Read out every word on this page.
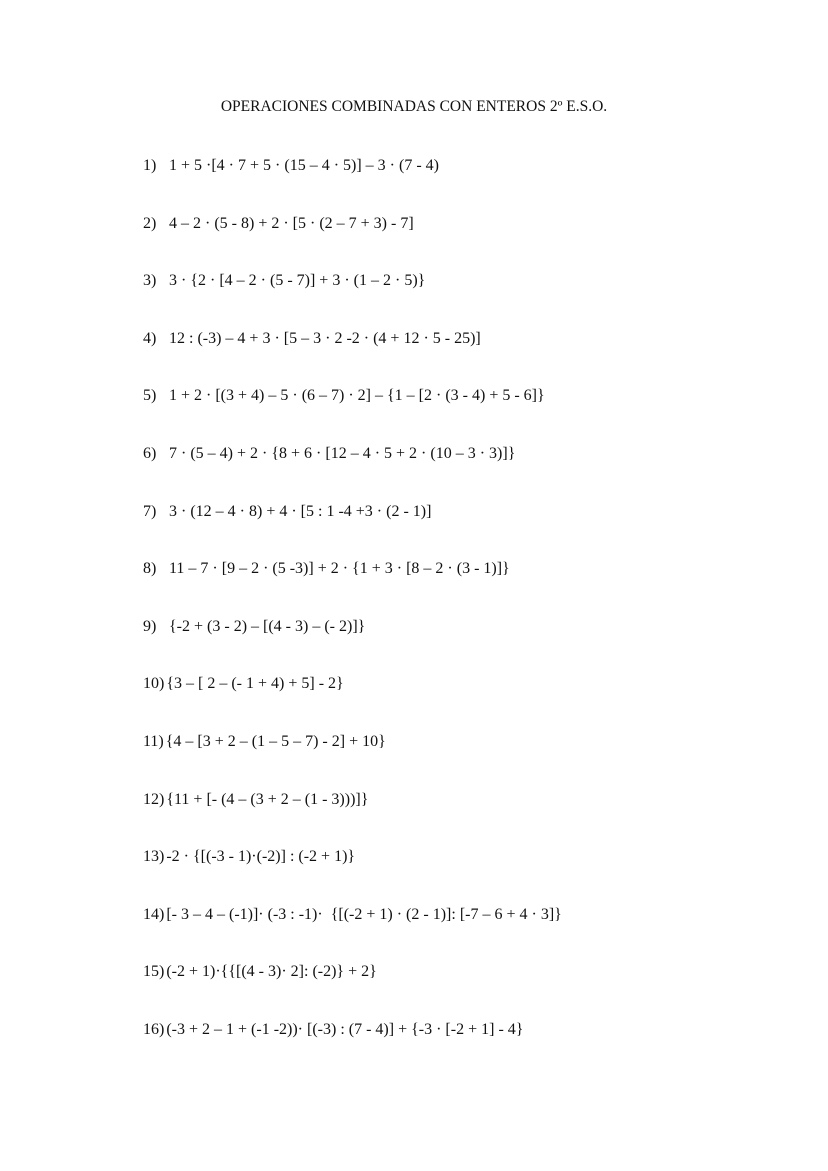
OPERACIONES COMBINADAS CON ENTEROS 2º E.S.O.
1) 1 + 5 ·[4 · 7 + 5 · (15 – 4 · 5)] – 3 · (7 - 4)
2) 4 – 2 · (5 - 8) + 2 · [5 · (2 – 7 + 3) - 7]
3) 3 · {2 · [4 – 2 · (5 - 7)] + 3 · (1 – 2 · 5)}
4) 12 : (-3) – 4 + 3 · [5 – 3 · 2 -2 · (4 + 12 · 5 - 25)]
5) 1 + 2 · [(3 + 4) – 5 · (6 – 7) · 2] – {1 – [2 · (3 - 4) + 5 - 6]}
6) 7 · (5 – 4) + 2 · {8 + 6 · [12 – 4 · 5 + 2 · (10 – 3 · 3)]}
7) 3 · (12 – 4 · 8) + 4 · [5 : 1 -4 +3 · (2 - 1)]
8) 11 – 7 · [9 – 2 · (5 -3)] + 2 · {1 + 3 · [8 – 2 · (3 - 1)]}
9) {-2 + (3 - 2) – [(4 - 3) – (- 2)]}
10) {3 – [ 2 – (- 1 + 4) + 5] - 2}
11) {4 – [3 + 2 – (1 – 5 – 7) - 2] + 10}
12) {11 + [- (4 – (3 + 2 – (1 - 3)))]}
13) -2 · {[(-3 - 1)·(-2)] : (-2 + 1)}
14) [- 3 – 4 – (-1)]· (-3 : -1)·  {[(-2 + 1) · (2 - 1)]: [-7 – 6 + 4 · 3]}
15) (-2 + 1)·{{[(4 - 3)· 2]: (-2)} + 2}
16) (-3 + 2 – 1 + (-1 -2))· [(-3) : (7 - 4)] + {-3 · [-2 + 1] - 4}
